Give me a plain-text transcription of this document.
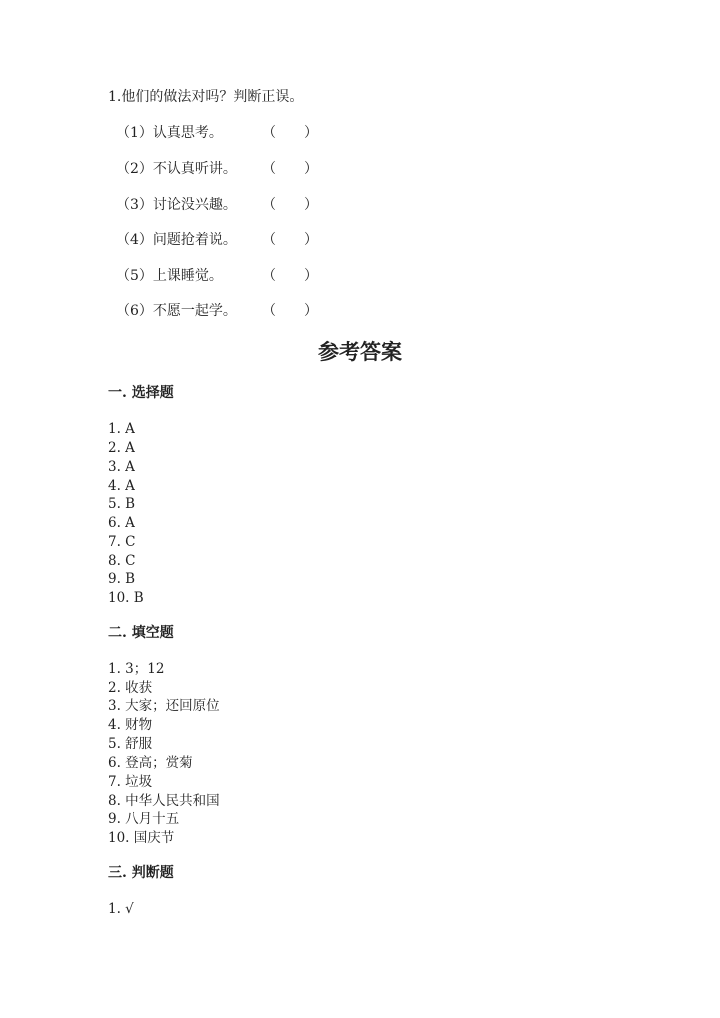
1.他们的做法对吗？判断正误。
（1）认真思考。	（　　）
（2）不认真听讲。 （　　）
（3）讨论没兴趣。 （　　）
（4）问题抢着说。 （　　）
（5）上课睡觉。	（　　）
（6）不愿一起学。 （　　）
参考答案
一. 选择题
1. A
2. A
3. A
4. A
5. B
6. A
7. C
8. C
9. B
10. B
二. 填空题
1. 3；12
2. 收获
3. 大家；还回原位
4. 财物
5. 舒服
6. 登高；赏菊
7. 垃圾
8. 中华人民共和国
9. 八月十五
10. 国庆节
三. 判断题
1. √
